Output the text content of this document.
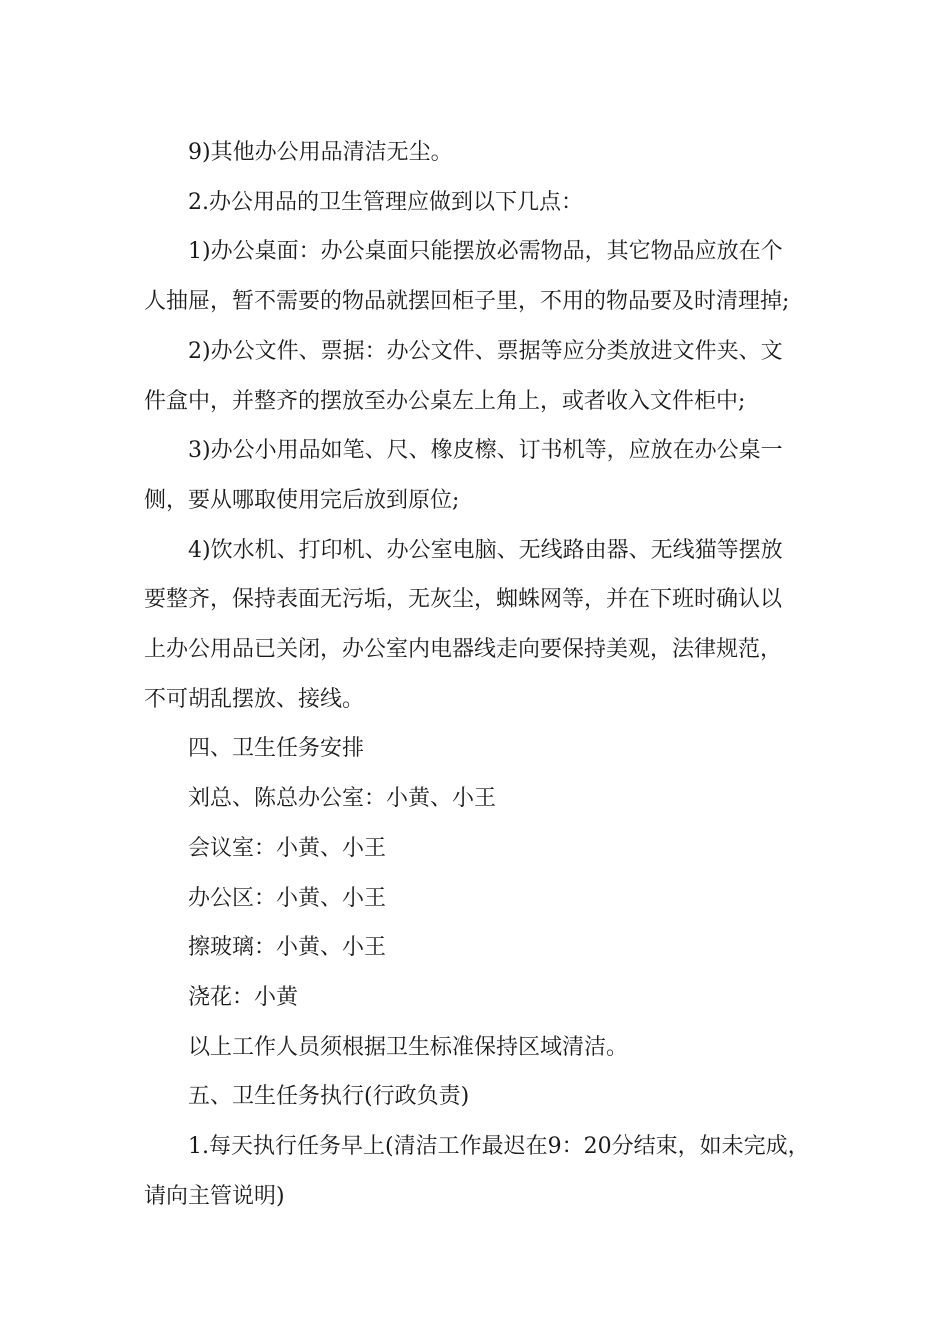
9)其他办公用品清洁无尘。

2.办公用品的卫生管理应做到以下几点：

1)办公桌面：办公桌面只能摆放必需物品，其它物品应放在个

人抽屉，暂不需要的物品就摆回柜子里，不用的物品要及时清理掉;

2)办公文件、票据：办公文件、票据等应分类放进文件夹、文

件盒中，并整齐的摆放至办公桌左上角上，或者收入文件柜中;

3)办公小用品如笔、尺、橡皮檫、订书机等，应放在办公桌一

侧，要从哪取使用完后放到原位;

4)饮水机、打印机、办公室电脑、无线路由器、无线猫等摆放

要整齐，保持表面无污垢，无灰尘，蜘蛛网等，并在下班时确认以

上办公用品已关闭，办公室内电器线走向要保持美观，法律规范，

不可胡乱摆放、接线。

四、卫生任务安排

刘总、陈总办公室：小黄、小王

会议室：小黄、小王

办公区：小黄、小王

擦玻璃：小黄、小王

浇花：小黄

以上工作人员须根据卫生标准保持区域清洁。

五、卫生任务执行(行政负责)

1.每天执行任务早上(清洁工作最迟在9：20分结束，如未完成，

请向主管说明)
